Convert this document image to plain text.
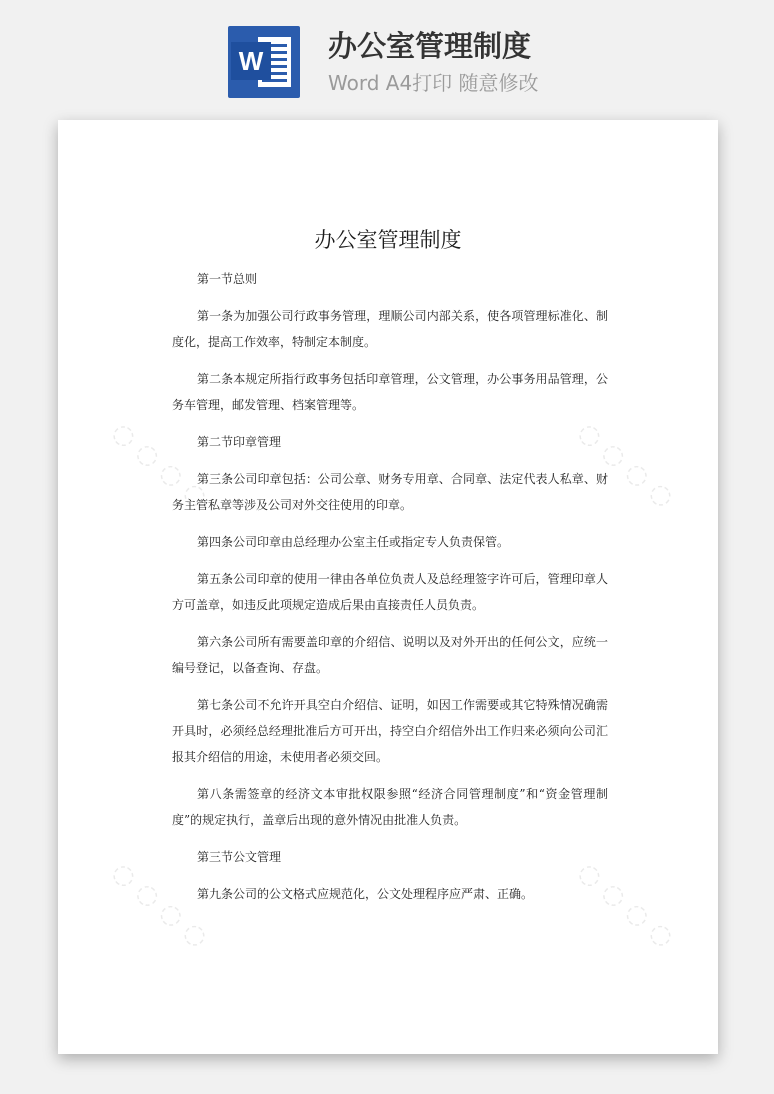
W 办公室管理制度
Word A4打印 随意修改
◌ ◌ ◌ ◌	◌ ◌ ◌ ◌
◌ ◌ ◌ ◌	◌ ◌ ◌ ◌
办公室管理制度

第一节总则

第一条为加强公司行政事务管理，理顺公司内部关系，使各项管理标准化、制度化，提高工作效率，特制定本制度。

第二条本规定所指行政事务包括印章管理，公文管理，办公事务用品管理，公务车管理，邮发管理、档案管理等。

第二节印章管理

第三条公司印章包括：公司公章、财务专用章、合同章、法定代表人私章、财务主管私章等涉及公司对外交往使用的印章。

第四条公司印章由总经理办公室主任或指定专人负责保管。

第五条公司印章的使用一律由各单位负责人及总经理签字许可后，管理印章人方可盖章，如违反此项规定造成后果由直接责任人员负责。

第六条公司所有需要盖印章的介绍信、说明以及对外开出的任何公文，应统一编号登记，以备查询、存盘。

第七条公司不允许开具空白介绍信、证明，如因工作需要或其它特殊情况确需开具时，必须经总经理批准后方可开出，持空白介绍信外出工作归来必须向公司汇报其介绍信的用途，未使用者必须交回。

第八条需签章的经济文本审批权限参照“经济合同管理制度”和“资金管理制度”的规定执行，盖章后出现的意外情况由批准人负责。

第三节公文管理

第九条公司的公文格式应规范化，公文处理程序应严肃、正确。
